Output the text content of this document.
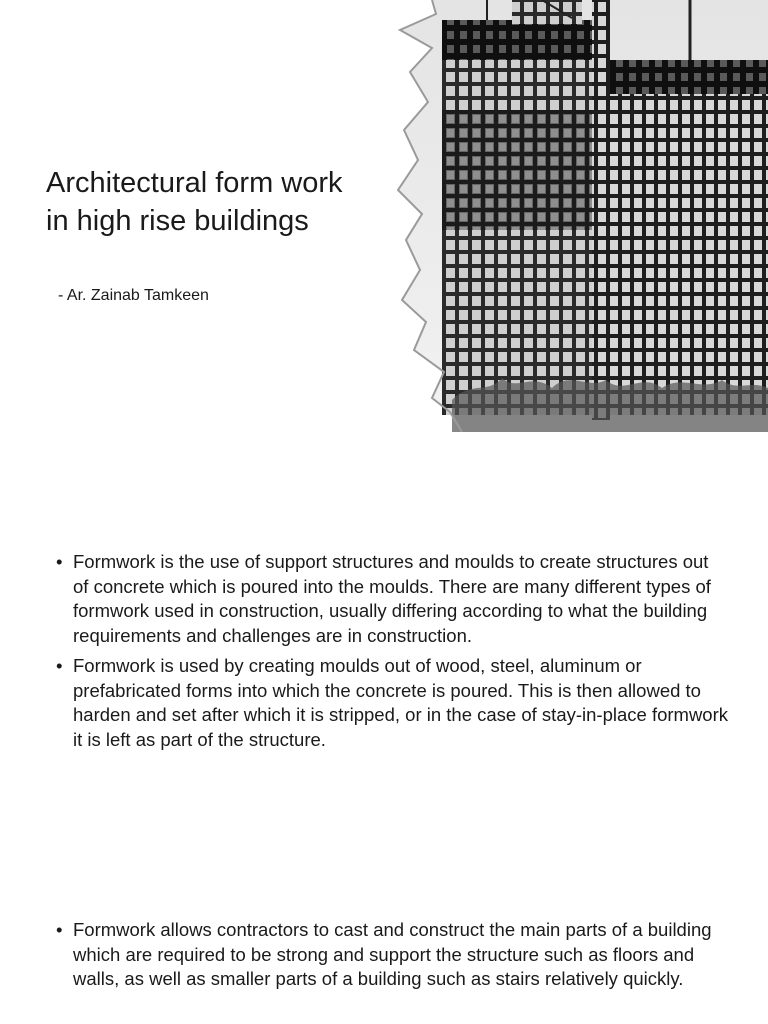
Architectural form work in high rise buildings
- Ar. Zainab Tamkeen
• Formwork is the use of support structures and moulds to create structures out of concrete which is poured into the moulds. There are many different types of formwork used in construction, usually differing according to what the building requirements and challenges are in construction.
• Formwork is used by creating moulds out of wood, steel, aluminum or prefabricated forms into which the concrete is poured. This is then allowed to harden and set after which it is stripped, or in the case of stay-in-place formwork it is left as part of the structure.
• Formwork allows contractors to cast and construct the main parts of a building which are required to be strong and support the structure such as floors and walls, as well as smaller parts of a building such as stairs relatively quickly.
